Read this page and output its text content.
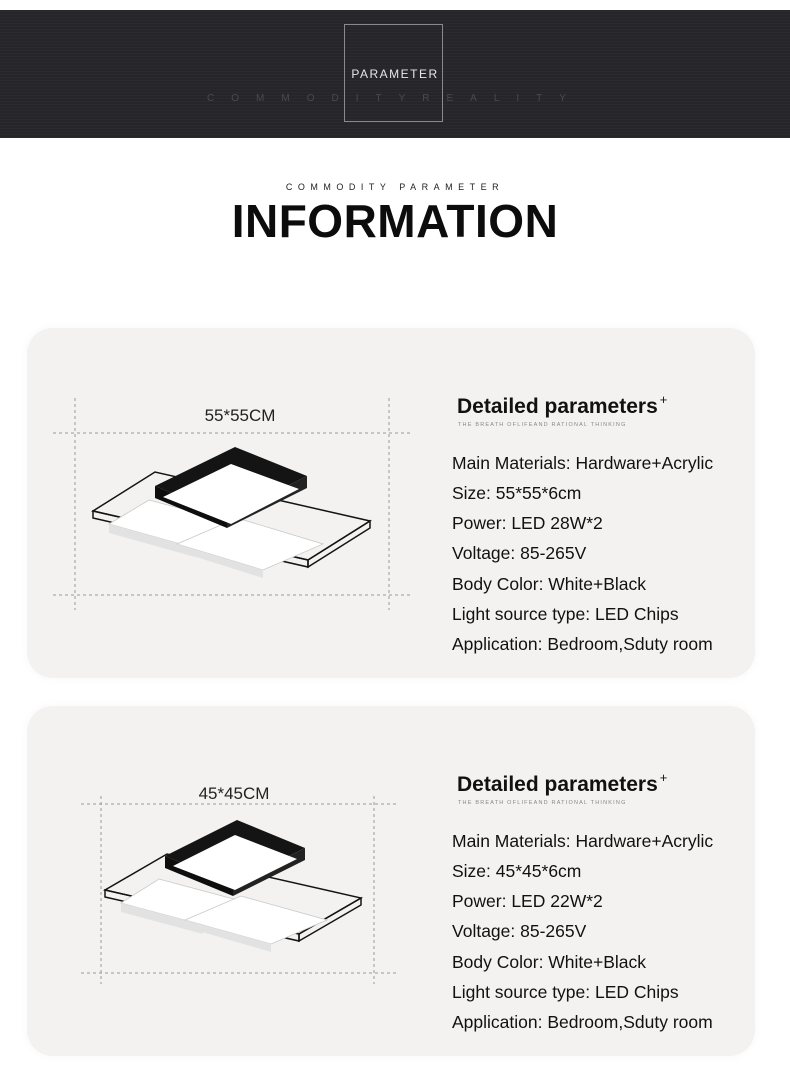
PARAMETER
COMMODITYREALITY
COMMODITY PARAMETER
INFORMATION
55*55CM	Detailed parameters +
THE BREATH OFLIFEAND RATIONAL THINKING
Main Materials: Hardware+Acrylic
Size: 55*55*6cm
Power: LED 28W*2
Voltage: 85-265V
Body Color: White+Black
Light source type: LED Chips
Application: Bedroom,Sduty room
45*45CM	Detailed parameters +
THE BREATH OFLIFEAND RATIONAL THINKING
Main Materials: Hardware+Acrylic
Size: 45*45*6cm
Power: LED 22W*2
Voltage: 85-265V
Body Color: White+Black
Light source type: LED Chips
Application: Bedroom,Sduty room
